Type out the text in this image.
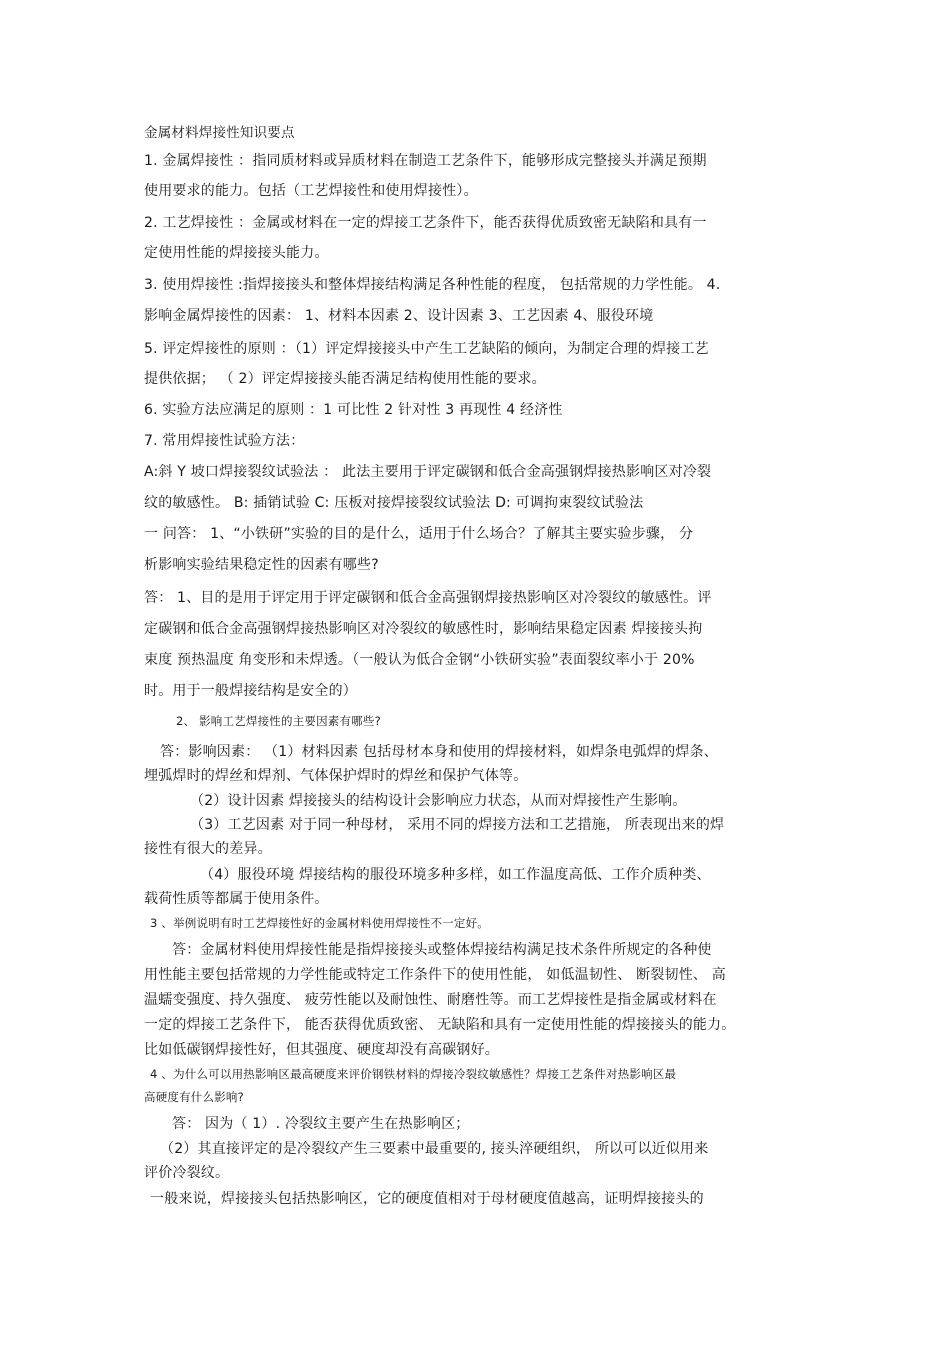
金属材料焊接性知识要点
1. 金属焊接性 ：指同质材料或异质材料在制造工艺条件下，能够形成完整接头并满足预期
使用要求的能力。包括（工艺焊接性和使用焊接性）。
2. 工艺焊接性 ：金属或材料在一定的焊接工艺条件下，能否获得优质致密无缺陷和具有一
定使用性能的焊接接头能力。
3. 使用焊接性 :指焊接接头和整体焊接结构满足各种性能的程度， 包括常规的力学性能。 4.
影响金属焊接性的因素： 1、材料本因素 2、设计因素 3、工艺因素 4、服役环境
5. 评定焊接性的原则 ：（1）评定焊接接头中产生工艺缺陷的倾向，为制定合理的焊接工艺
提供依据； （ 2）评定焊接接头能否满足结构使用性能的要求。
6. 实验方法应满足的原则 ：1 可比性 2 针对性 3 再现性 4 经济性
7. 常用焊接性试验方法：
A:斜 Y 坡口焊接裂纹试验法 ： 此法主要用于评定碳钢和低合金高强钢焊接热影响区对冷裂
纹的敏感性。 B: 插销试验 C: 压板对接焊接裂纹试验法 D: 可调拘束裂纹试验法
一 问答： 1、“小铁研”实验的目的是什么，适用于什么场合？了解其主要实验步骤， 分
析影响实验结果稳定性的因素有哪些?
答： 1、目的是用于评定用于评定碳钢和低合金高强钢焊接热影响区对冷裂纹的敏感性。评
定碳钢和低合金高强钢焊接热影响区对冷裂纹的敏感性时，影响结果稳定因素 焊接接头拘
束度 预热温度 角变形和未焊透。（一般认为低合金钢“小铁研实验”表面裂纹率小于 20%
时。用于一般焊接结构是安全的）
2、 影响工艺焊接性的主要因素有哪些?
答：影响因素： （1）材料因素 包括母材本身和使用的焊接材料，如焊条电弧焊的焊条、
埋弧焊时的焊丝和焊剂、气体保护焊时的焊丝和保护气体等。
（2）设计因素 焊接接头的结构设计会影响应力状态，从而对焊接性产生影响。
（3）工艺因素 对于同一种母材， 采用不同的焊接方法和工艺措施， 所表现出来的焊
接性有很大的差异。
（4）服役环境 焊接结构的服役环境多种多样，如工作温度高低、工作介质种类、
载荷性质等都属于使用条件。
3 、举例说明有时工艺焊接性好的金属材料使用焊接性不一定好。
答：金属材料使用焊接性能是指焊接接头或整体焊接结构满足技术条件所规定的各种使
用性能主要包括常规的力学性能或特定工作条件下的使用性能， 如低温韧性、 断裂韧性、 高
温蠕变强度、持久强度、 疲劳性能以及耐蚀性、耐磨性等。而工艺焊接性是指金属或材料在
一定的焊接工艺条件下， 能否获得优质致密、 无缺陷和具有一定使用性能的焊接接头的能力。
比如低碳钢焊接性好，但其强度、硬度却没有高碳钢好。
4 、为什么可以用热影响区最高硬度来评价钢铁材料的焊接冷裂纹敏感性？焊接工艺条件对热影响区最
高硬度有什么影响?
答： 因为（ 1）. 冷裂纹主要产生在热影响区；
（2）其直接评定的是冷裂纹产生三要素中最重要的, 接头淬硬组织， 所以可以近似用来
评价冷裂纹。
一般来说，焊接接头包括热影响区，它的硬度值相对于母材硬度值越高，证明焊接接头的
